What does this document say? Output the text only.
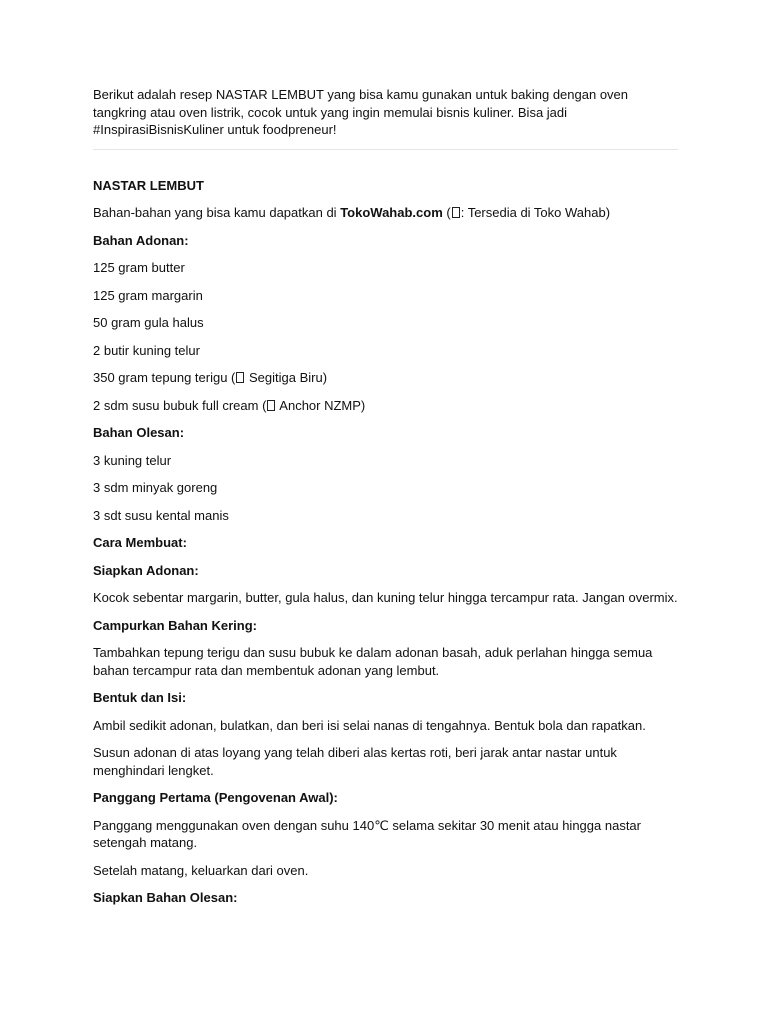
Berikut adalah resep NASTAR LEMBUT yang bisa kamu gunakan untuk baking dengan oven tangkring atau oven listrik, cocok untuk yang ingin memulai bisnis kuliner. Bisa jadi #InspirasiBisnisKuliner untuk foodpreneur!

NASTAR LEMBUT
Bahan-bahan yang bisa kamu dapatkan di TokoWahab.com ( : Tersedia di Toko Wahab)
Bahan Adonan:
125 gram butter
125 gram margarin
50 gram gula halus
2 butir kuning telur
350 gram tepung terigu ( Segitiga Biru)
2 sdm susu bubuk full cream ( Anchor NZMP)
Bahan Olesan:
3 kuning telur
3 sdm minyak goreng
3 sdt susu kental manis
Cara Membuat:
Siapkan Adonan:
Kocok sebentar margarin, butter, gula halus, dan kuning telur hingga tercampur rata. Jangan overmix.
Campurkan Bahan Kering:
Tambahkan tepung terigu dan susu bubuk ke dalam adonan basah, aduk perlahan hingga semua bahan tercampur rata dan membentuk adonan yang lembut.
Bentuk dan Isi:
Ambil sedikit adonan, bulatkan, dan beri isi selai nanas di tengahnya. Bentuk bola dan rapatkan.
Susun adonan di atas loyang yang telah diberi alas kertas roti, beri jarak antar nastar untuk menghindari lengket.
Panggang Pertama (Pengovenan Awal):
Panggang menggunakan oven dengan suhu 140℃ selama sekitar 30 menit atau hingga nastar setengah matang.
Setelah matang, keluarkan dari oven.
Siapkan Bahan Olesan:
